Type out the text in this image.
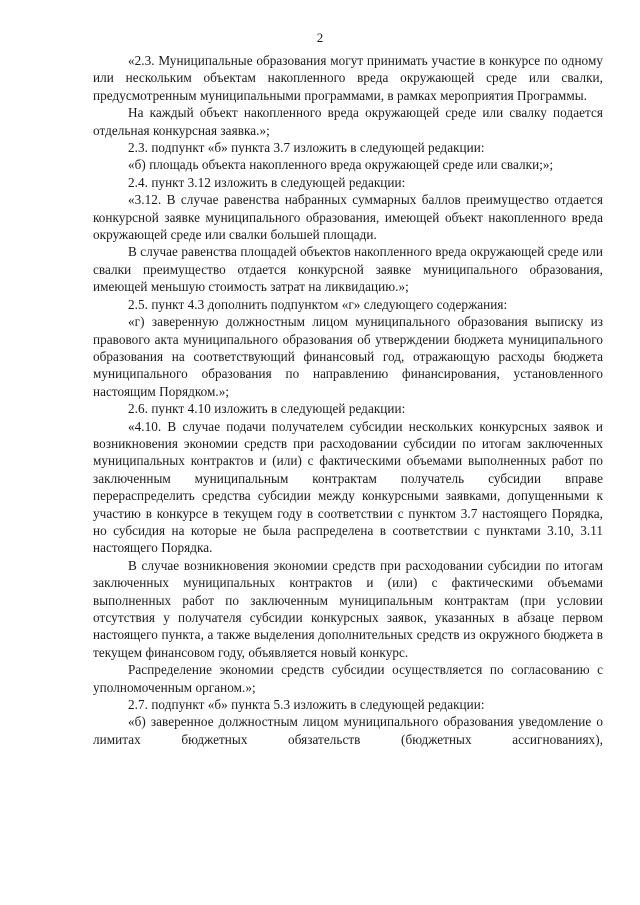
2

«2.3. Муниципальные образования могут принимать участие в конкурсе по одному или нескольким объектам накопленного вреда окружающей среде или свалки, предусмотренным муниципальными программами, в рамках мероприятия Программы.

На каждый объект накопленного вреда окружающей среде или свалку подается отдельная конкурсная заявка.»;

2.3. подпункт «б» пункта 3.7 изложить в следующей редакции:

«б) площадь объекта накопленного вреда окружающей среде или свалки;»;

2.4. пункт 3.12 изложить в следующей редакции:

«3.12. В случае равенства набранных суммарных баллов преимущество отдается конкурсной заявке муниципального образования, имеющей объект накопленного вреда окружающей среде или свалки большей площади.

В случае равенства площадей объектов накопленного вреда окружающей среде или свалки преимущество отдается конкурсной заявке муниципального образования, имеющей меньшую стоимость затрат на ликвидацию.»;

2.5. пункт 4.3 дополнить подпунктом «г» следующего содержания:

«г) заверенную должностным лицом муниципального образования выписку из правового акта муниципального образования об утверждении бюджета муниципального образования на соответствующий финансовый год, отражающую расходы бюджета муниципального образования по направлению финансирования, установленного настоящим Порядком.»;

2.6. пункт 4.10 изложить в следующей редакции:

«4.10. В случае подачи получателем субсидии нескольких конкурсных заявок и возникновения экономии средств при расходовании субсидии по итогам заключенных муниципальных контрактов и (или) с фактическими объемами выполненных работ по заключенным муниципальным контрактам получатель субсидии вправе перераспределить средства субсидии между конкурсными заявками, допущенными к участию в конкурсе в текущем году в соответствии с пунктом 3.7 настоящего Порядка, но субсидия на которые не была распределена в соответствии с пунктами 3.10, 3.11 настоящего Порядка.

В случае возникновения экономии средств при расходовании субсидии по итогам заключенных муниципальных контрактов и (или) с фактическими объемами выполненных работ по заключенным муниципальным контрактам (при условии отсутствия у получателя субсидии конкурсных заявок, указанных в абзаце первом настоящего пункта, а также выделения дополнительных средств из окружного бюджета в текущем финансовом году, объявляется новый конкурс.

Распределение экономии средств субсидии осуществляется по согласованию с уполномоченным органом.»;

2.7. подпункт «б» пункта 5.3 изложить в следующей редакции:

«б) заверенное должностным лицом муниципального образования уведомление о лимитах бюджетных обязательств (бюджетных ассигнованиях),
